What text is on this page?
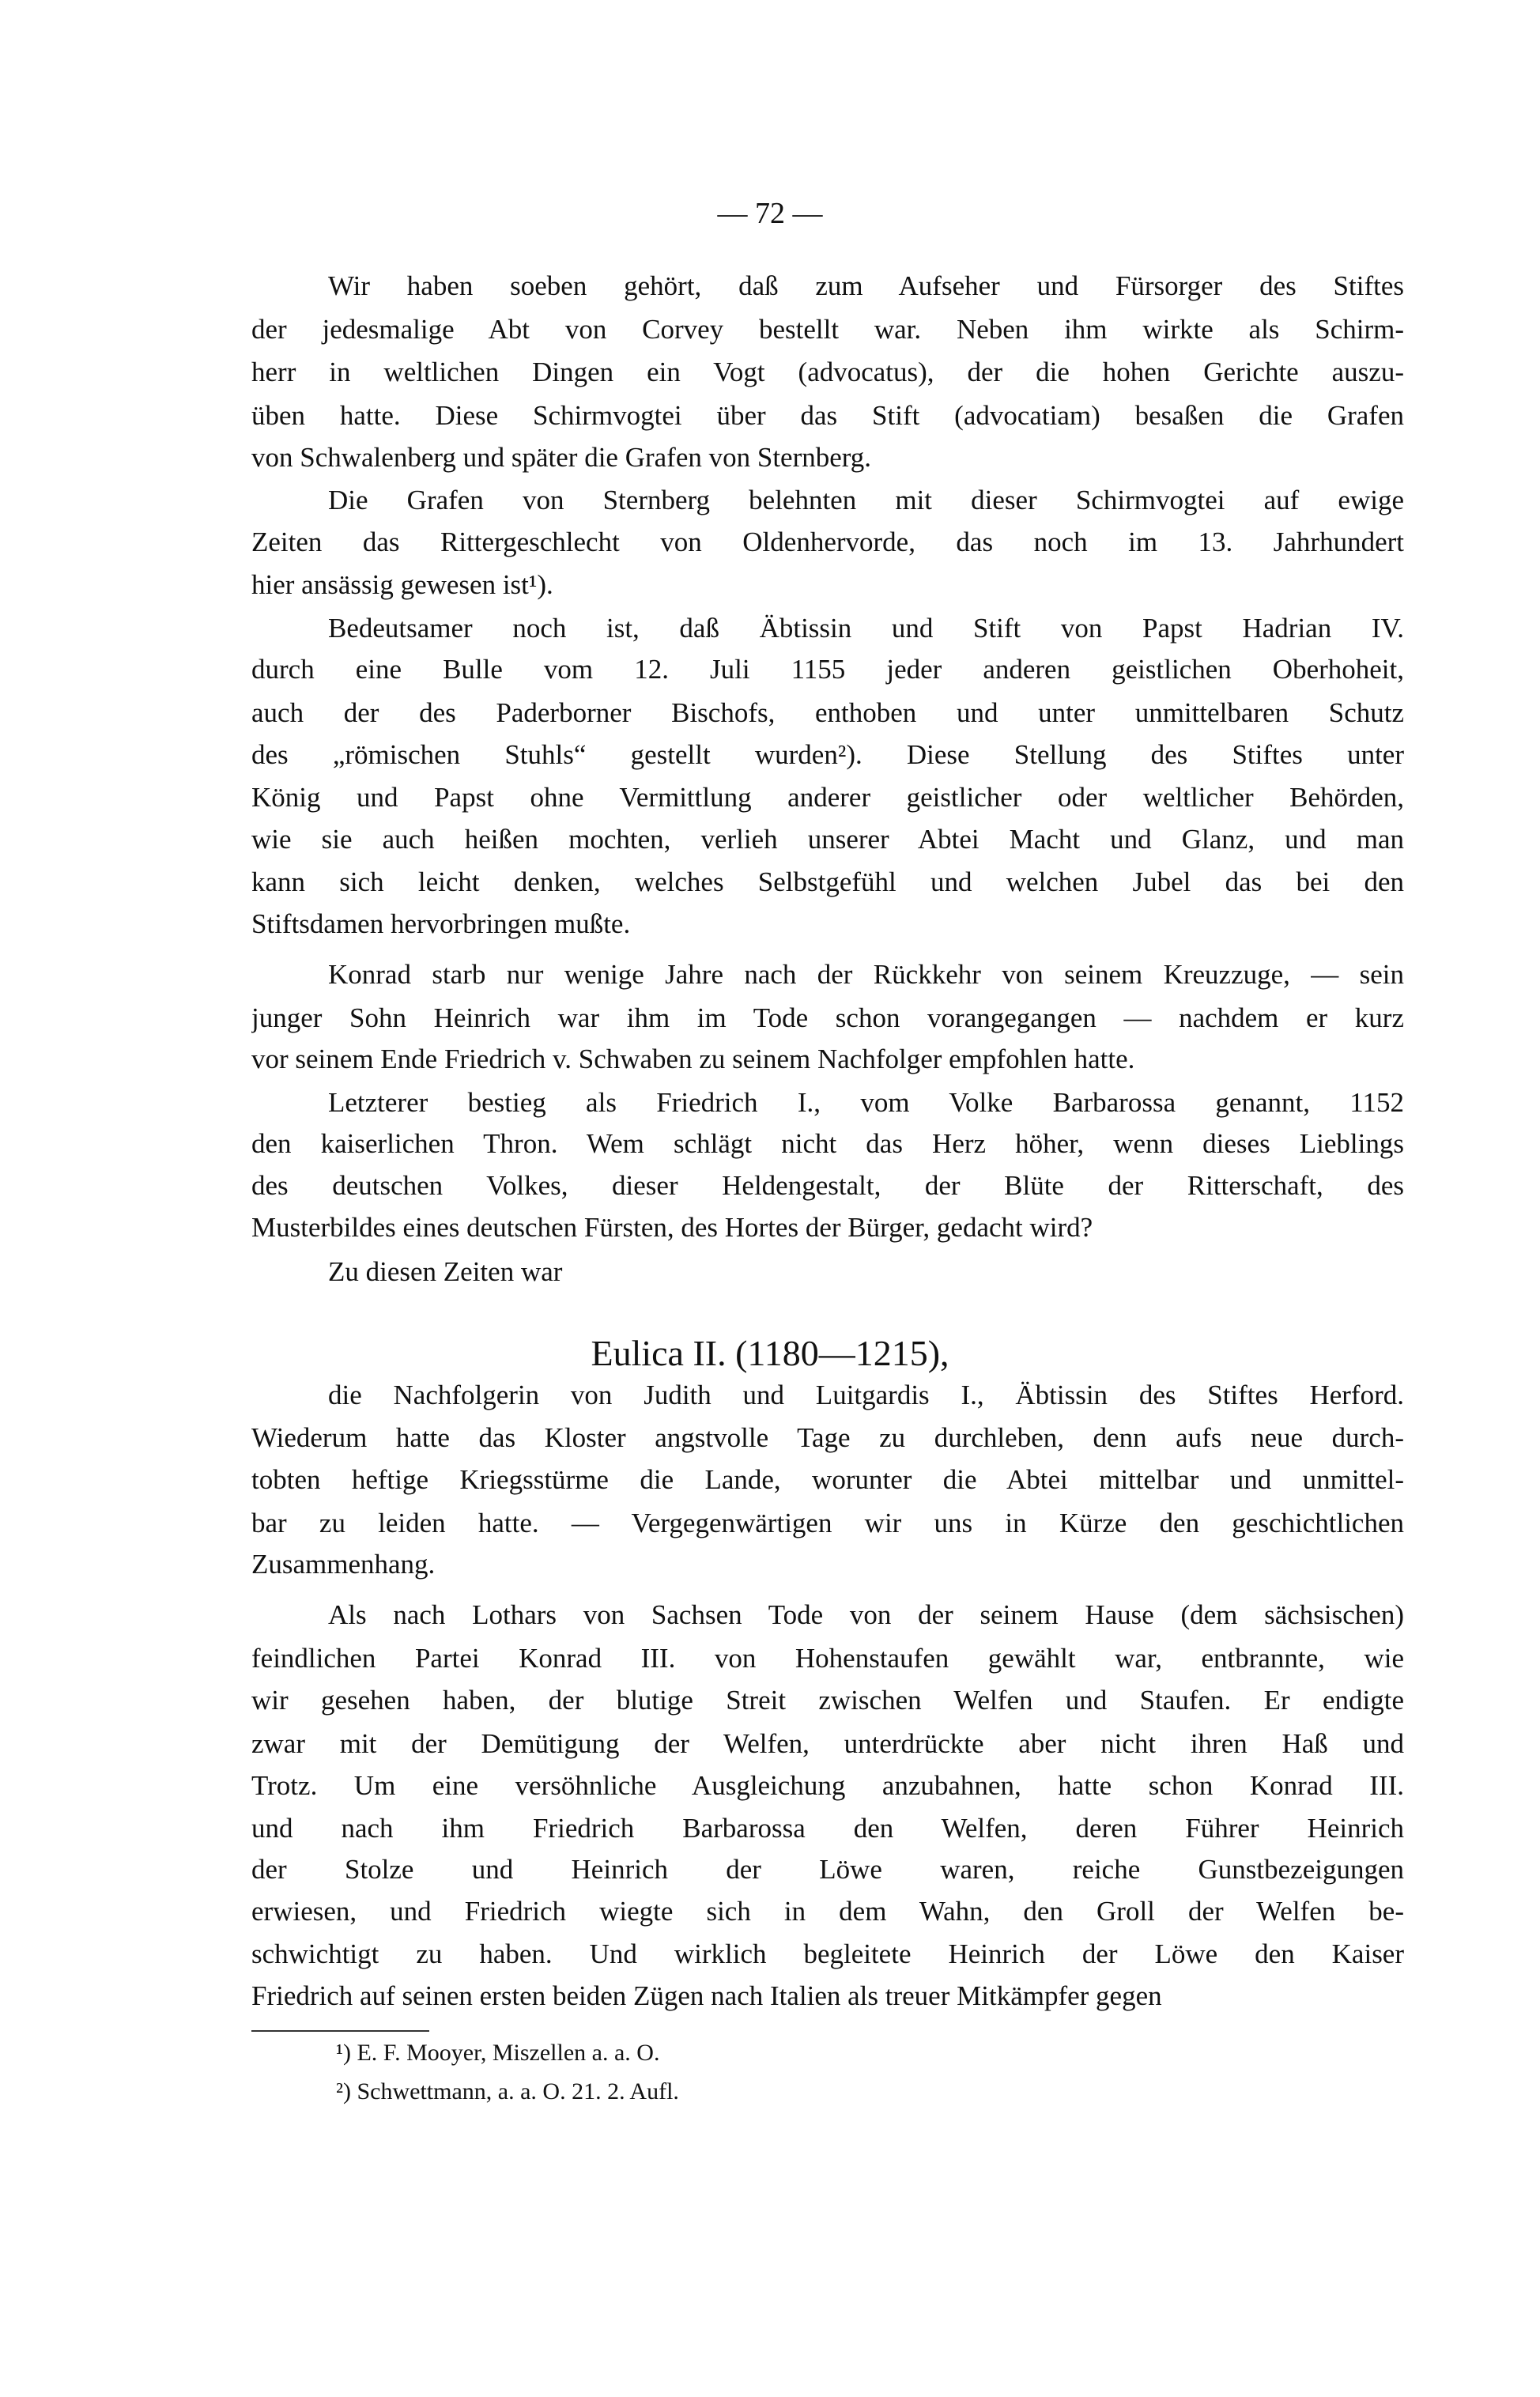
— 72 —
Wir haben soeben gehört, daß zum Aufseher und Fürsorger des Stiftes
der jedesmalige Abt von Corvey bestellt war. Neben ihm wirkte als Schirm-
herr in weltlichen Dingen ein Vogt (advocatus), der die hohen Gerichte auszu-
üben hatte. Diese Schirmvogtei über das Stift (advocatiam) besaßen die Grafen
von Schwalenberg und später die Grafen von Sternberg.
Die Grafen von Sternberg belehnten mit dieser Schirmvogtei auf ewige
Zeiten das Rittergeschlecht von Oldenhervorde, das noch im 13. Jahrhundert
hier ansässig gewesen ist¹).
Bedeutsamer noch ist, daß Äbtissin und Stift von Papst Hadrian IV.
durch eine Bulle vom 12. Juli 1155 jeder anderen geistlichen Oberhoheit,
auch der des Paderborner Bischofs, enthoben und unter unmittelbaren Schutz
des „römischen Stuhls“ gestellt wurden²). Diese Stellung des Stiftes unter
König und Papst ohne Vermittlung anderer geistlicher oder weltlicher Behörden,
wie sie auch heißen mochten, verlieh unserer Abtei Macht und Glanz, und man
kann sich leicht denken, welches Selbstgefühl und welchen Jubel das bei den
Stiftsdamen hervorbringen mußte.
Konrad starb nur wenige Jahre nach der Rückkehr von seinem Kreuzzuge, — sein
junger Sohn Heinrich war ihm im Tode schon vorangegangen — nachdem er kurz
vor seinem Ende Friedrich v. Schwaben zu seinem Nachfolger empfohlen hatte.
Letzterer bestieg als Friedrich I., vom Volke Barbarossa genannt, 1152
den kaiserlichen Thron. Wem schlägt nicht das Herz höher, wenn dieses Lieblings
des deutschen Volkes, dieser Heldengestalt, der Blüte der Ritterschaft, des
Musterbildes eines deutschen Fürsten, des Hortes der Bürger, gedacht wird?
Zu diesen Zeiten war
die Nachfolgerin von Judith und Luitgardis I., Äbtissin des Stiftes Herford.
Wiederum hatte das Kloster angstvolle Tage zu durchleben, denn aufs neue durch-
tobten heftige Kriegsstürme die Lande, worunter die Abtei mittelbar und unmittel-
bar zu leiden hatte. — Vergegenwärtigen wir uns in Kürze den geschichtlichen
Zusammenhang.
Als nach Lothars von Sachsen Tode von der seinem Hause (dem sächsischen)
feindlichen Partei Konrad III. von Hohenstaufen gewählt war, entbrannte, wie
wir gesehen haben, der blutige Streit zwischen Welfen und Staufen. Er endigte
zwar mit der Demütigung der Welfen, unterdrückte aber nicht ihren Haß und
Trotz. Um eine versöhnliche Ausgleichung anzubahnen, hatte schon Konrad III.
und nach ihm Friedrich Barbarossa den Welfen, deren Führer Heinrich
der Stolze und Heinrich der Löwe waren, reiche Gunstbezeigungen
erwiesen, und Friedrich wiegte sich in dem Wahn, den Groll der Welfen be-
schwichtigt zu haben. Und wirklich begleitete Heinrich der Löwe den Kaiser
Friedrich auf seinen ersten beiden Zügen nach Italien als treuer Mitkämpfer gegen
Eulica II. (1180—1215),
¹) E. F. Mooyer, Miszellen a. a. O.
²) Schwettmann, a. a. O. 21. 2. Aufl.
